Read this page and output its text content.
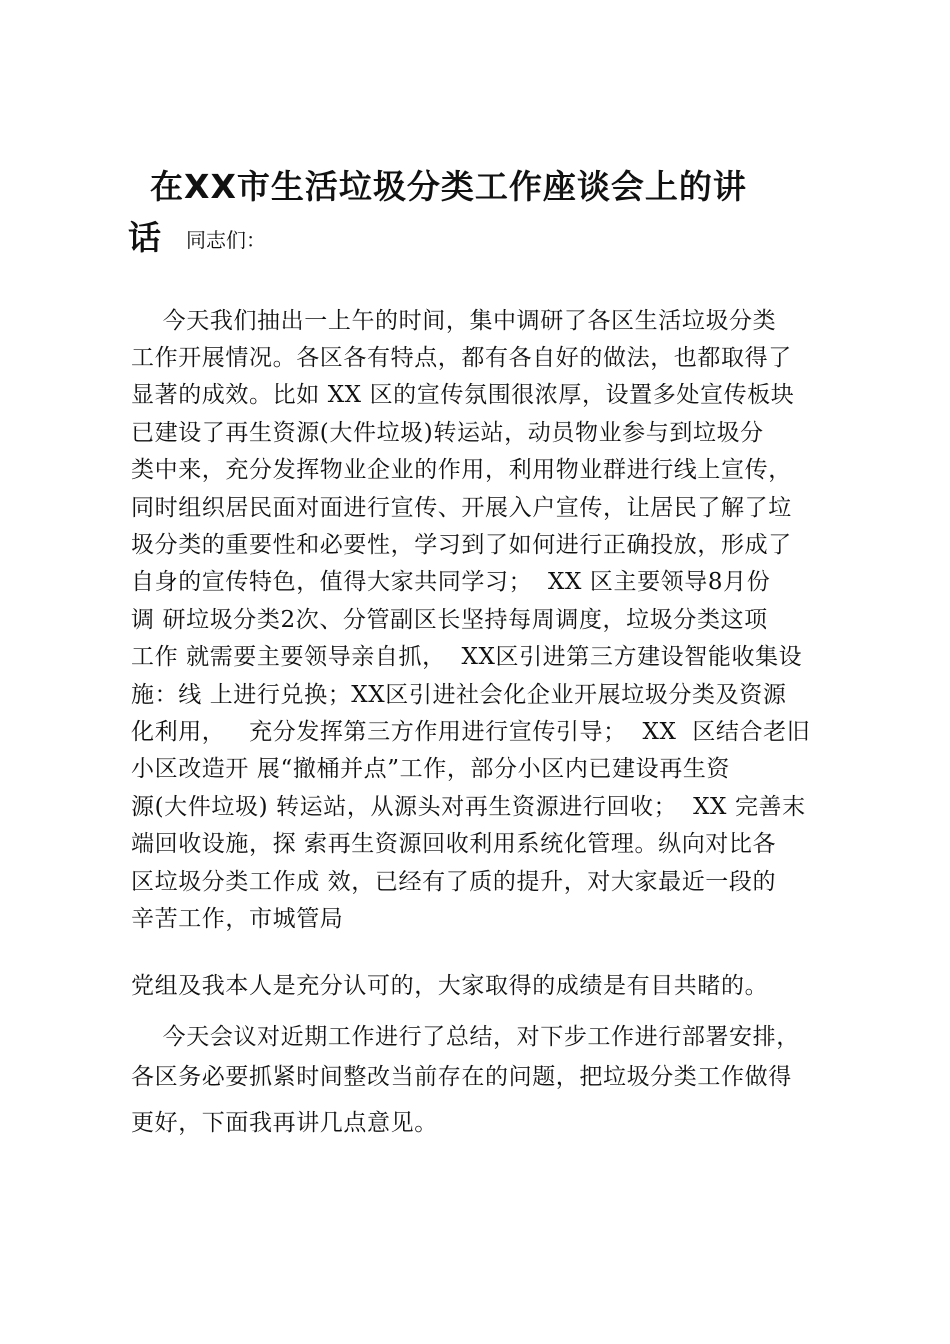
在XX市生活垃圾分类工作座谈会上的讲
话 同志们：
今天我们抽出一上午的时间，集中调研了各区生活垃圾分类
工作开展情况。各区各有特点，都有各自好的做法，也都取得了
显著的成效。比如 XX 区的宣传氛围很浓厚，设置多处宣传板块
已建设了再生资源(大件垃圾)转运站，动员物业参与到垃圾分
类中来，充分发挥物业企业的作用，利用物业群进行线上宣传，
同时组织居民面对面进行宣传、开展入户宣传，让居民了解了垃
圾分类的重要性和必要性，学习到了如何进行正确投放，形成了
自身的宣传特色，值得大家共同学习；  XX 区主要领导8月份
调 研垃圾分类2次、分管副区长坚持每周调度，垃圾分类这项
工作 就需要主要领导亲自抓，  XX区引进第三方建设智能收集设
施：线 上进行兑换；XX区引进社会化企业开展垃圾分类及资源
化利用，   充分发挥第三方作用进行宣传引导；  XX  区结合老旧
小区改造开 展“撤桶并点”工作，部分小区内已建设再生资
源(大件垃圾) 转运站，从源头对再生资源进行回收；  XX 完善末
端回收设施，探 索再生资源回收利用系统化管理。纵向对比各
区垃圾分类工作成 效，已经有了质的提升，对大家最近一段的
辛苦工作，市城管局
党组及我本人是充分认可的，大家取得的成绩是有目共睹的。
今天会议对近期工作进行了总结，对下步工作进行部署安排，
各区务必要抓紧时间整改当前存在的问题，把垃圾分类工作做得
更好，下面我再讲几点意见。
